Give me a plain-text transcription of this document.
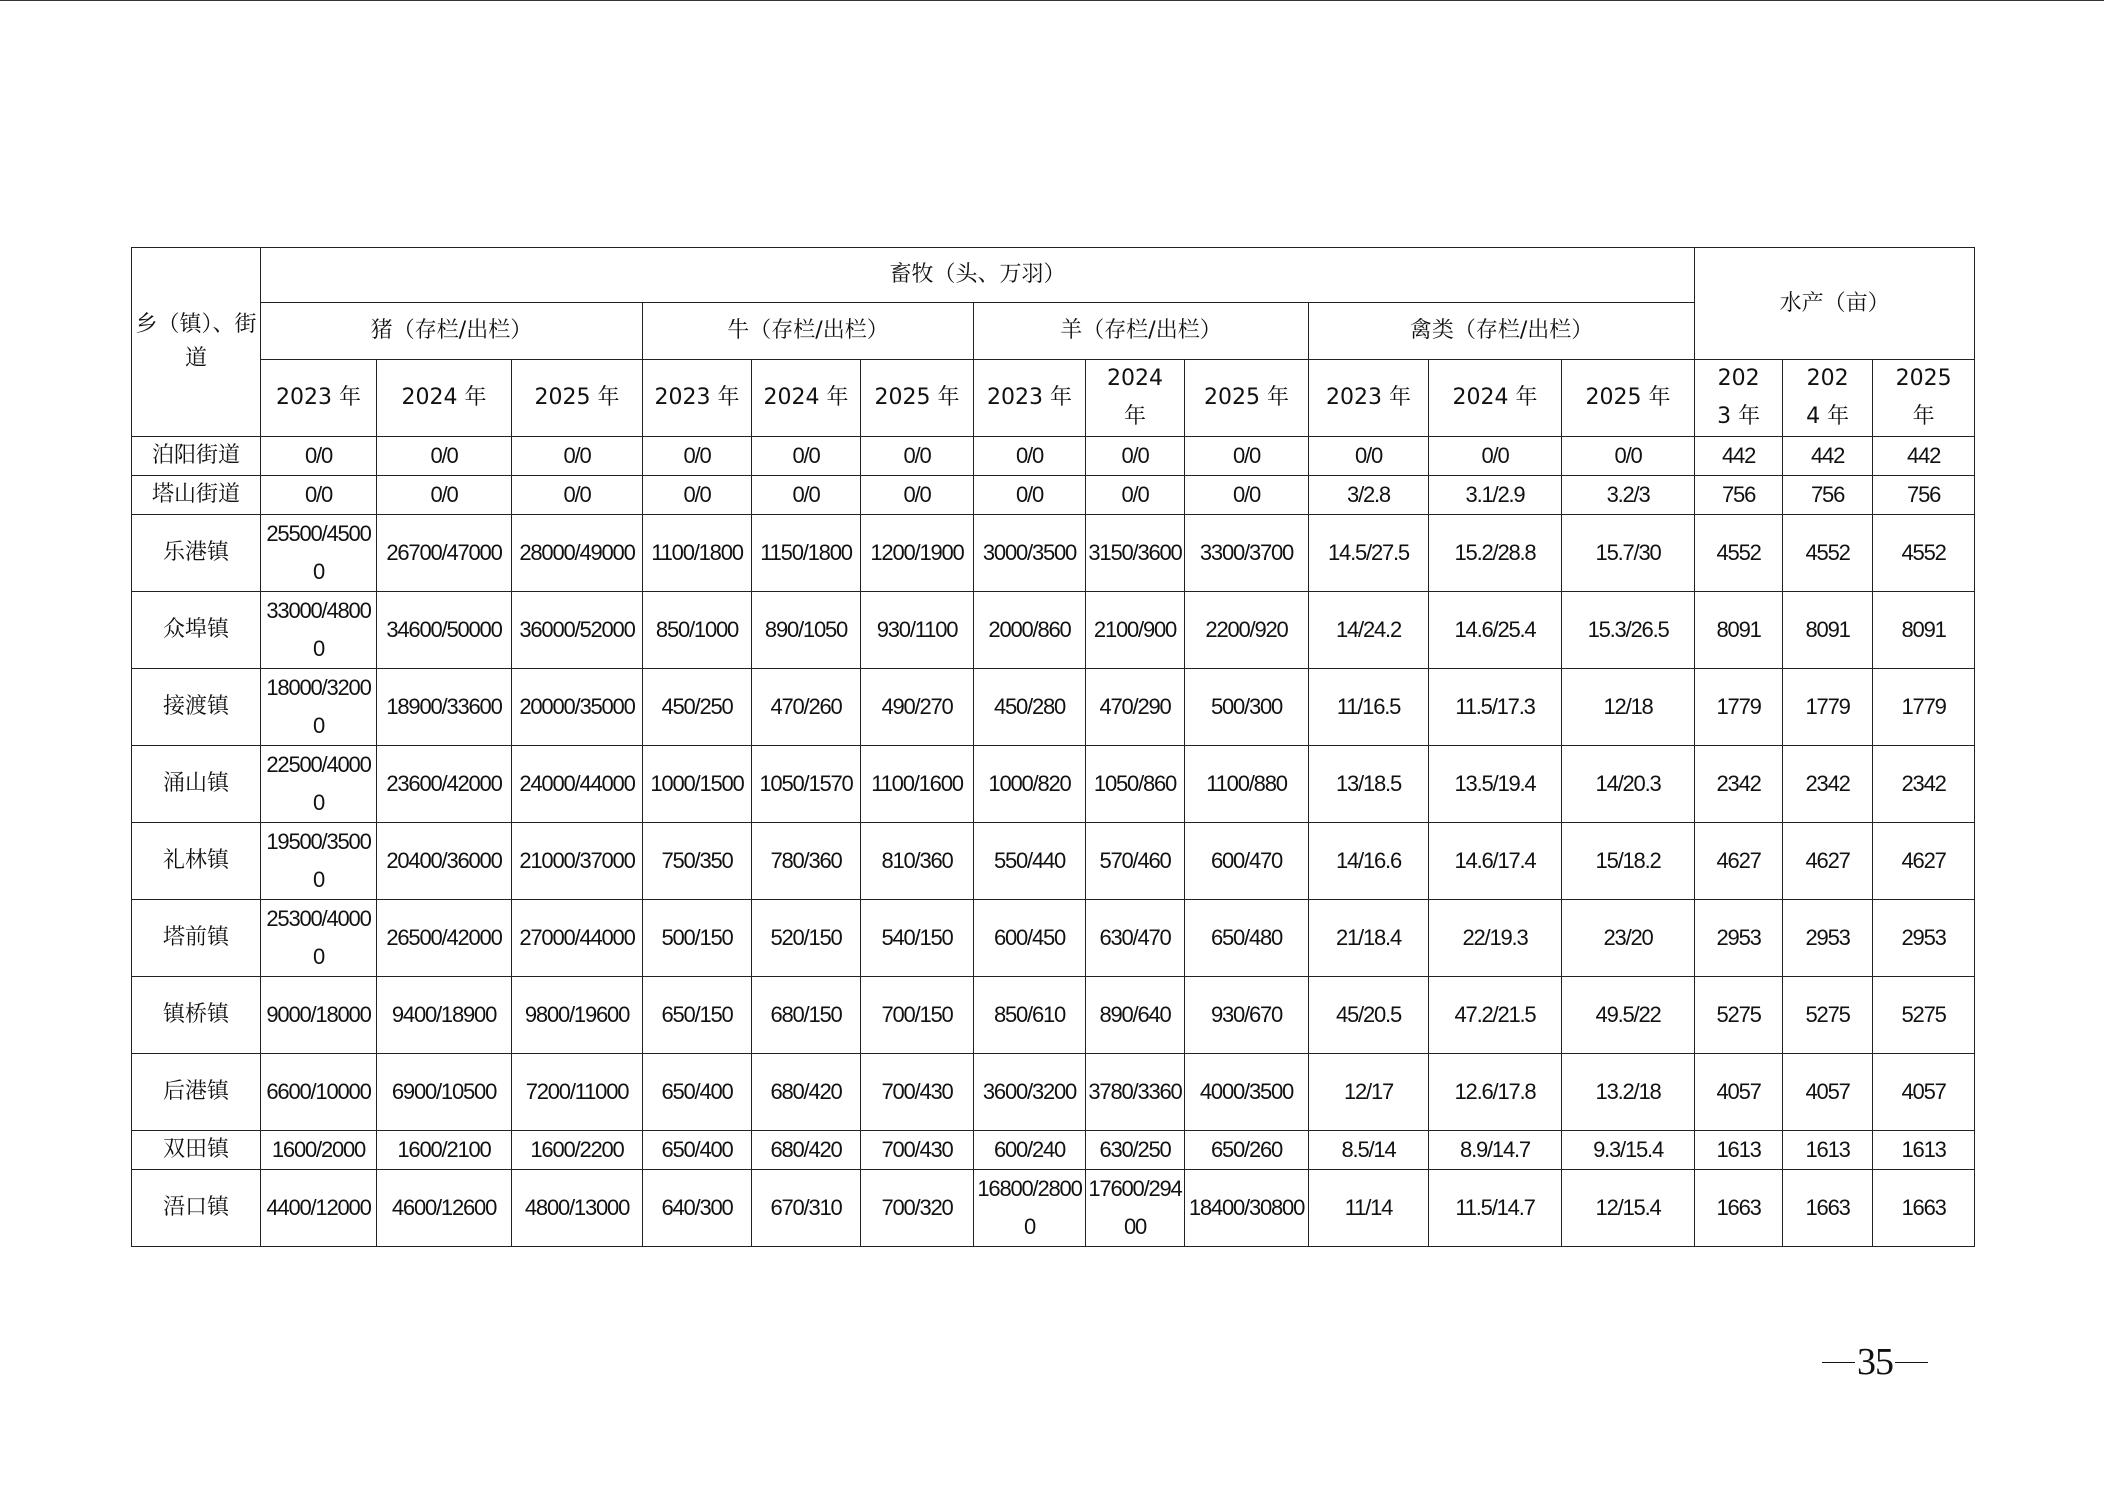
乡（镇）、街道	畜牧（头、万羽）												水产（亩）		
	猪（存栏/出栏）			牛（存栏/出栏）			羊（存栏/出栏）			禽类（存栏/出栏）					
	2023 年	2024 年	2025 年	2023 年	2024 年	2025 年	2023 年	2024 年	2025 年	2023 年	2024 年	2025 年	2023 年	2024 年	2025 年
泊阳街道	0/0	0/0	0/0	0/0	0/0	0/0	0/0	0/0	0/0	0/0	0/0	0/0	442	442	442
塔山街道	0/0	0/0	0/0	0/0	0/0	0/0	0/0	0/0	0/0	3/2.8	3.1/2.9	3.2/3	756	756	756
乐港镇	25500/45000	26700/47000	28000/49000	1100/1800	1150/1800	1200/1900	3000/3500	3150/3600	3300/3700	14.5/27.5	15.2/28.8	15.7/30	4552	4552	4552
众埠镇	33000/48000	34600/50000	36000/52000	850/1000	890/1050	930/1100	2000/860	2100/900	2200/920	14/24.2	14.6/25.4	15.3/26.5	8091	8091	8091
接渡镇	18000/32000	18900/33600	20000/35000	450/250	470/260	490/270	450/280	470/290	500/300	11/16.5	11.5/17.3	12/18	1779	1779	1779
涌山镇	22500/40000	23600/42000	24000/44000	1000/1500	1050/1570	1100/1600	1000/820	1050/860	1100/880	13/18.5	13.5/19.4	14/20.3	2342	2342	2342
礼林镇	19500/35000	20400/36000	21000/37000	750/350	780/360	810/360	550/440	570/460	600/470	14/16.6	14.6/17.4	15/18.2	4627	4627	4627
塔前镇	25300/40000	26500/42000	27000/44000	500/150	520/150	540/150	600/450	630/470	650/480	21/18.4	22/19.3	23/20	2953	2953	2953
镇桥镇	9000/18000	9400/18900	9800/19600	650/150	680/150	700/150	850/610	890/640	930/670	45/20.5	47.2/21.5	49.5/22	5275	5275	5275
后港镇	6600/10000	6900/10500	7200/11000	650/400	680/420	700/430	3600/3200	3780/3360	4000/3500	12/17	12.6/17.8	13.2/18	4057	4057	4057
双田镇	1600/2000	1600/2100	1600/2200	650/400	680/420	700/430	600/240	630/250	650/260	8.5/14	8.9/14.7	9.3/15.4	1613	1613	1613
浯口镇	4400/12000	4600/12600	4800/13000	640/300	670/310	700/320	16800/28000	17600/29400	18400/30800	11/14	11.5/14.7	12/15.4	1663	1663	1663
35
